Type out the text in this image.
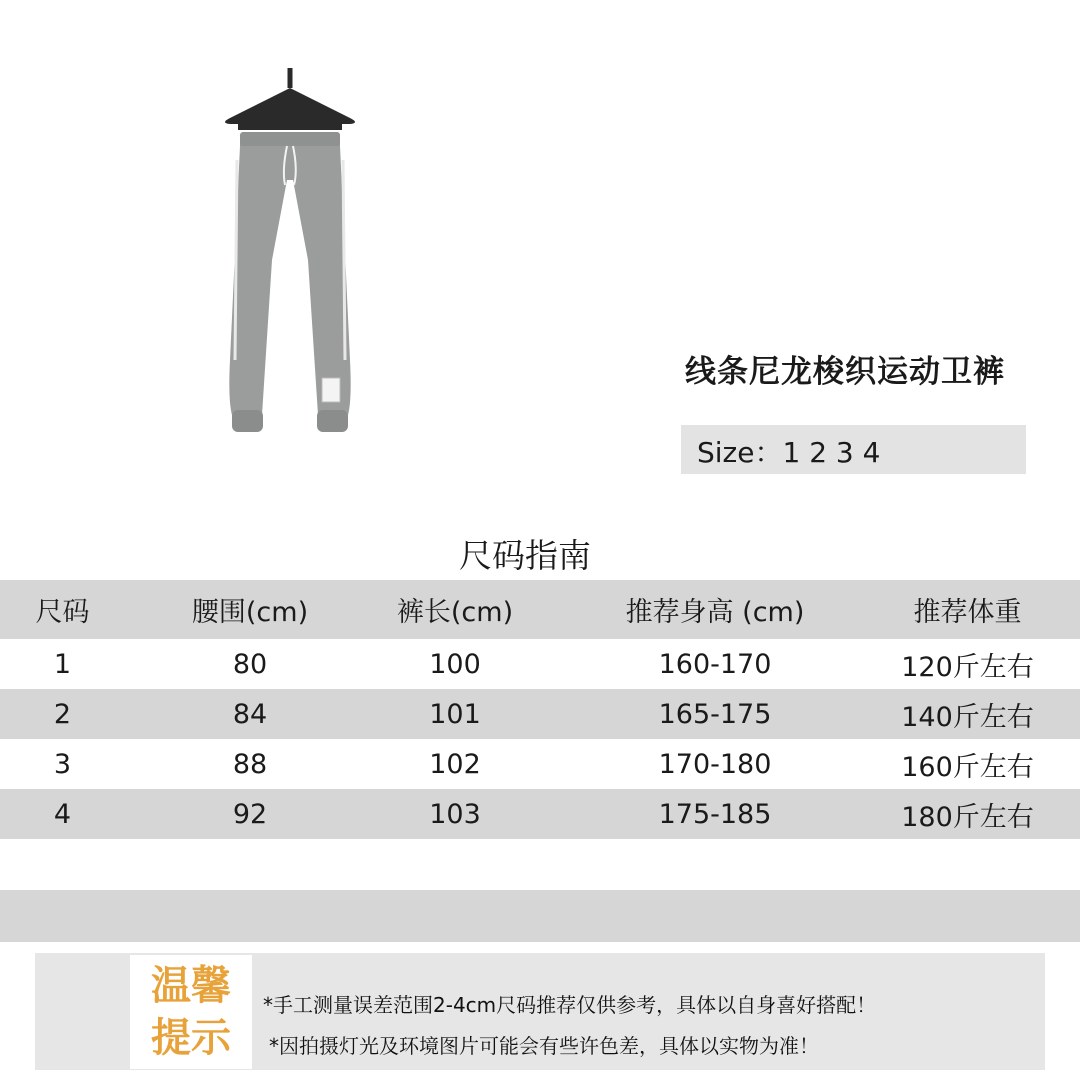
线条尼龙梭织运动卫裤
Size：1 2 3 4
尺码指南
尺码	腰围(cm)	裤长(cm)	推荐身高 (cm)	推荐体重
1	80	100	160-170	120斤左右
2	84	101	165-175	140斤左右
3	88	102	170-180	160斤左右
4	92	103	175-185	180斤左右
温馨
提示
*手工测量误差范围2-4cm尺码推荐仅供参考，具体以自身喜好搭配！
*因拍摄灯光及环境图片可能会有些许色差，具体以实物为准！
